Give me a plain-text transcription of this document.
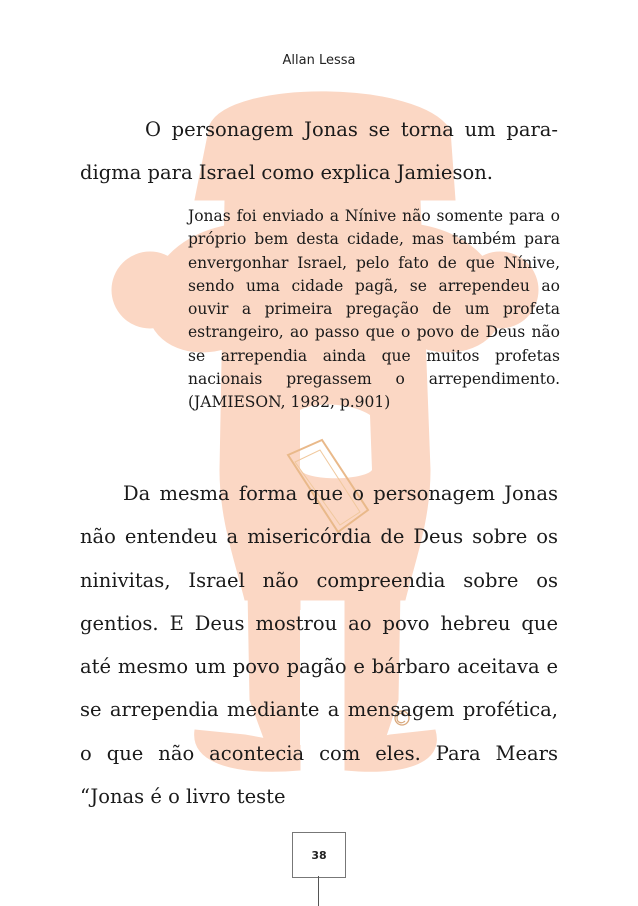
Allan Lessa
O personagem Jonas se torna um para-
digma para Israel como explica Jamieson.
Jonas foi enviado a Nínive não somente para o próprio bem desta cidade, mas também para envergonhar Israel, pelo fato de que Nínive, sendo uma cidade pagã, se arrependeu ao ouvir a primeira pregação de um profeta estrangeiro, ao passo que o povo de Deus não se arrependia ainda que muitos profetas nacionais pregassem o arrependimento. (JAMIESON, 1982, p.901)
Da mesma forma que o personagem Jonas não entendeu a misericórdia de Deus sobre os ninivitas, Israel não compreendia sobre os gentios. E Deus mostrou ao povo hebreu que até mesmo um povo pagão e bárbaro aceitava e se arrependia mediante a mensagem profética, o que não acontecia com eles. Para Mears “Jonas é o livro teste
38
